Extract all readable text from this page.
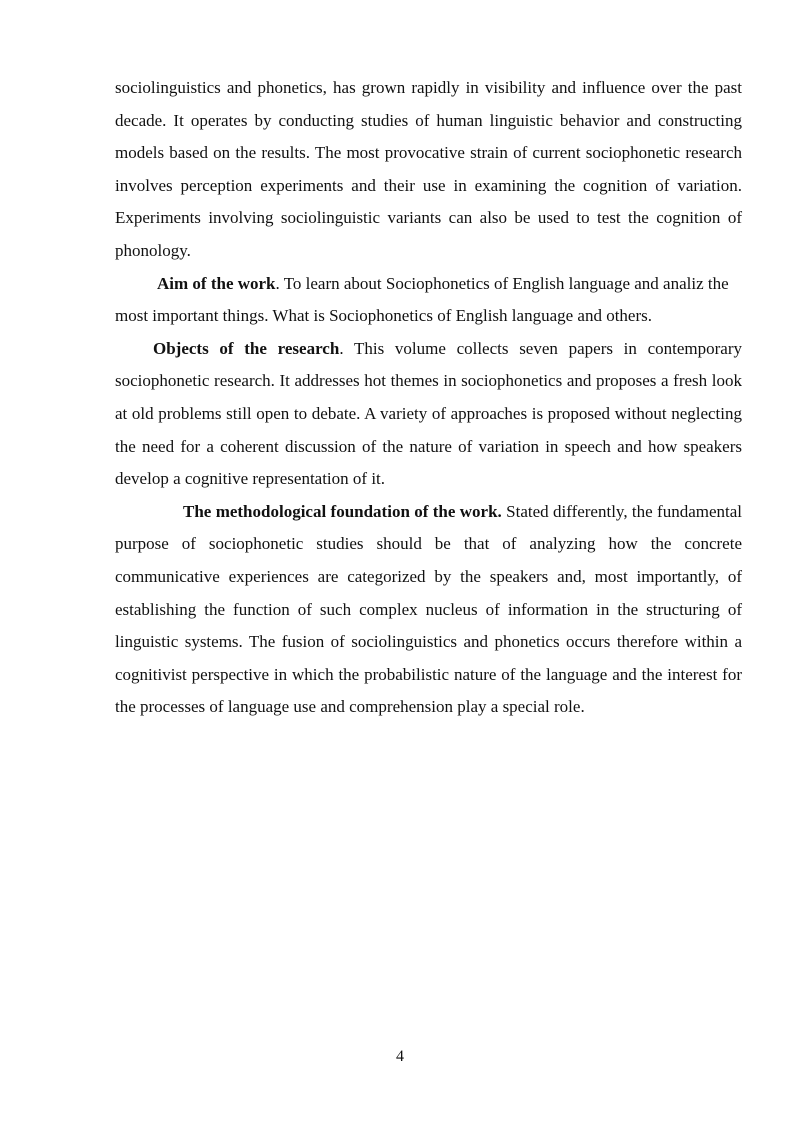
sociolinguistics and phonetics, has grown rapidly in visibility and influence over the past decade. It operates by conducting studies of human linguistic behavior and constructing models based on the results. The most provocative strain of current sociophonetic research involves perception experiments and their use in examining the cognition of variation. Experiments involving sociolinguistic variants can also be used to test the cognition of phonology.

Aim of the work. To learn about Sociophonetics of English language and analiz the most important things. What is Sociophonetics of English language and others.

Objects of the research. This volume collects seven papers in contemporary sociophonetic research. It addresses hot themes in sociophonetics and proposes a fresh look at old problems still open to debate. A variety of approaches is proposed without neglecting the need for a coherent discussion of the nature of variation in speech and how speakers develop a cognitive representation of it.

The methodological foundation of the work. Stated differently, the fundamental purpose of sociophonetic studies should be that of analyzing how the concrete communicative experiences are categorized by the speakers and, most importantly, of establishing the function of such complex nucleus of information in the structuring of linguistic systems. The fusion of sociolinguistics and phonetics occurs therefore within a cognitivist perspective in which the probabilistic nature of the language and the interest for the processes of language use and comprehension play a special role.

4
